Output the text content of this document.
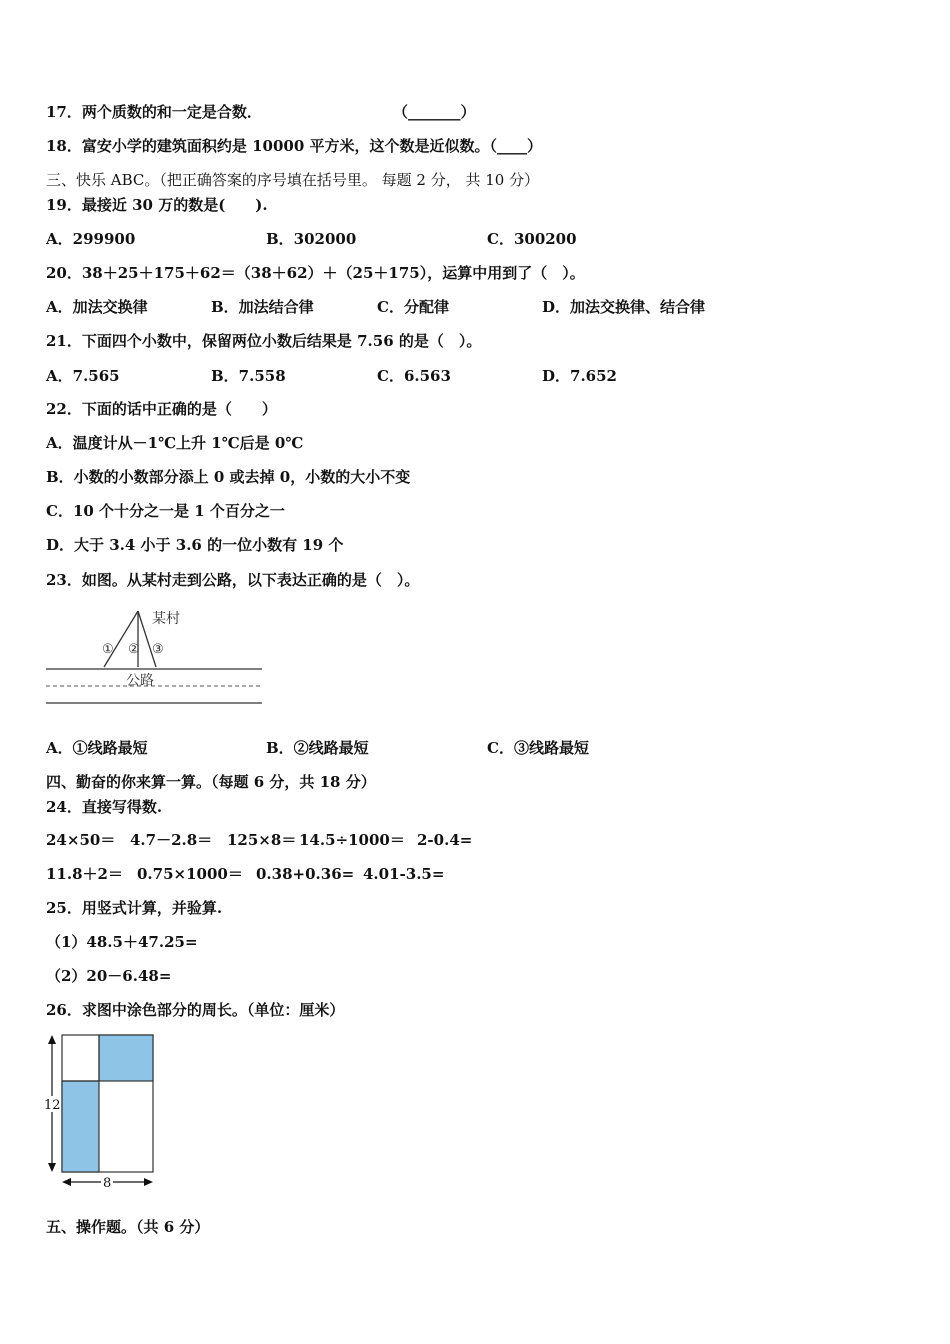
17．两个质数的和一定是合数．	（_______）
18．富安小学的建筑面积约是 10000 平方米，这个数是近似数。（____）
三、快乐 ABC。（把正确答案的序号填在括号里。 每题 2 分， 共 10 分）
19．最接近 30 万的数是(　　).
A．299900	B．302000	C．300200
20．38＋25＋175＋62＝（38＋62）＋（25＋175），运算中用到了（　）。
A．加法交换律	B．加法结合律	C．分配律	D．加法交换律、结合律
21．下面四个小数中，保留两位小数后结果是 7.56 的是（　）。
A．7.565	B．7.558	C．6.563	D．7.652
22．下面的话中正确的是（　　）
A．温度计从－1℃上升 1℃后是 0℃
B．小数的小数部分添上 0 或去掉 0，小数的大小不变
C．10 个十分之一是 1 个百分之一
D．大于 3.4 小于 3.6 的一位小数有 19 个
23．如图。从某村走到公路，以下表达正确的是（　）。
某村
① ② ③
公路
A．①线路最短	B．②线路最短	C．③线路最短
四、勤奋的你来算一算。（每题 6 分，共 18 分）
24．直接写得数.
24×50＝ 4.7－2.8＝ 125×8＝ 14.5÷1000＝ 2-0.4=
11.8＋2＝ 0.75×1000＝ 0.38+0.36= 4.01-3.5=
25．用竖式计算，并验算.
（1）48.5＋47.25=
（2）20－6.48=
26．求图中涂色部分的周长。（单位：厘米）
12
8
五、操作题。（共 6 分）
